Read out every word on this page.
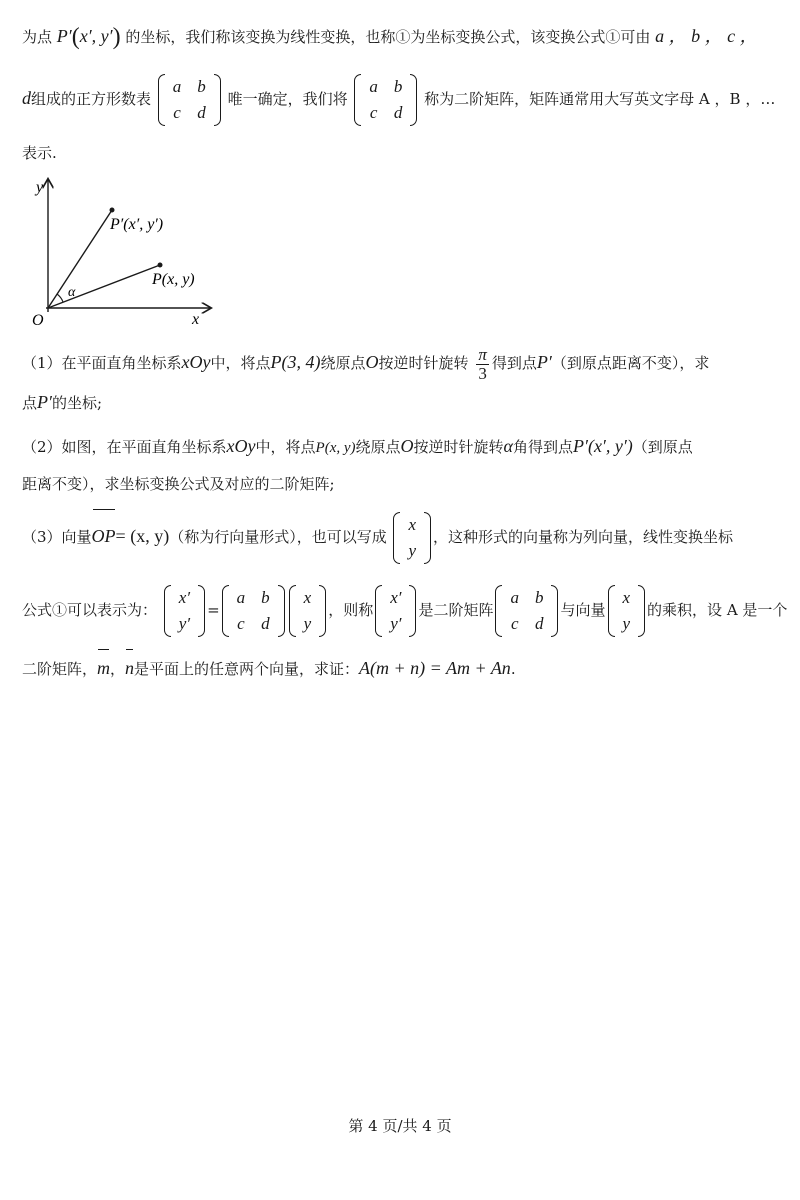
为点 P′(x′, y′) 的坐标，我们称该变换为线性变换，也称①为坐标变换公式，该变换公式①可由 a ， b ， c ，
d组成的正方形数表
a	b
c	d
唯一确定，我们将
a	b
c	d
称为二阶矩阵，矩阵通常用大写英文字母 A ，B ，…
表示.
y
x
O
P′(x′, y′)
P(x, y)
α
（1）在平面直角坐标系xOy中，将点P(3, 4)绕原点O按逆时针旋转 $\frac{\pi}{3}$ 得到点P′（到原点距离不变），求
点P′的坐标;
（2）如图，在平面直角坐标系xOy中，将点P(x, y)绕原点O按逆时针旋转α角得到点P′(x′, y′)（到原点
距离不变），求坐标变换公式及对应的二阶矩阵;
（3）向量OP= (x, y)（称为行向量形式），也可以写成
x
y
，这种形式的向量称为列向量，线性变换坐标
公式①可以表示为：
x′
y′
=
a	b
c	d
x
y
，则称
x′
y′
是二阶矩阵
a	b
c	d
与向量
x
y
的乘积，设 A 是一个
二阶矩阵，m，n是平面上的任意两个向量，求证：A(m + n) = Am + An.
第 4 页/共 4 页
